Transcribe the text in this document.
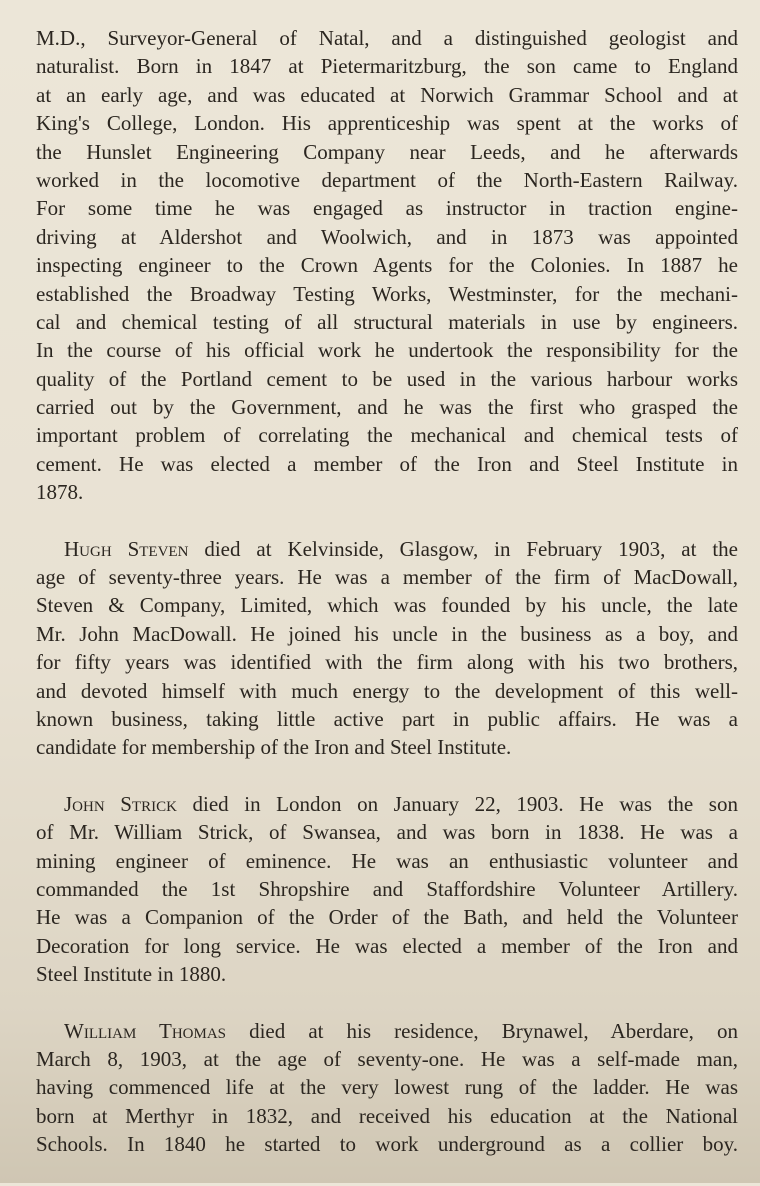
M.D., Surveyor-General of Natal, and a distinguished geologist and
naturalist. Born in 1847 at Pietermaritzburg, the son came to England
at an early age, and was educated at Norwich Grammar School and at
King's College, London. His apprenticeship was spent at the works of
the Hunslet Engineering Company near Leeds, and he afterwards
worked in the locomotive department of the North-Eastern Railway.
For some time he was engaged as instructor in traction engine-
driving at Aldershot and Woolwich, and in 1873 was appointed
inspecting engineer to the Crown Agents for the Colonies. In 1887 he
established the Broadway Testing Works, Westminster, for the mechani-
cal and chemical testing of all structural materials in use by engineers.
In the course of his official work he undertook the responsibility for the
quality of the Portland cement to be used in the various harbour works
carried out by the Government, and he was the first who grasped the
important problem of correlating the mechanical and chemical tests of
cement. He was elected a member of the Iron and Steel Institute in
1878.
Hugh Steven died at Kelvinside, Glasgow, in February 1903, at the
age of seventy-three years. He was a member of the firm of MacDowall,
Steven & Company, Limited, which was founded by his uncle, the late
Mr. John MacDowall. He joined his uncle in the business as a boy, and
for fifty years was identified with the firm along with his two brothers,
and devoted himself with much energy to the development of this well-
known business, taking little active part in public affairs. He was a
candidate for membership of the Iron and Steel Institute.
John Strick died in London on January 22, 1903. He was the son
of Mr. William Strick, of Swansea, and was born in 1838. He was a
mining engineer of eminence. He was an enthusiastic volunteer and
commanded the 1st Shropshire and Staffordshire Volunteer Artillery.
He was a Companion of the Order of the Bath, and held the Volunteer
Decoration for long service. He was elected a member of the Iron and
Steel Institute in 1880.
William Thomas died at his residence, Brynawel, Aberdare, on
March 8, 1903, at the age of seventy-one. He was a self-made man,
having commenced life at the very lowest rung of the ladder. He was
born at Merthyr in 1832, and received his education at the National
Schools. In 1840 he started to work underground as a collier boy.
